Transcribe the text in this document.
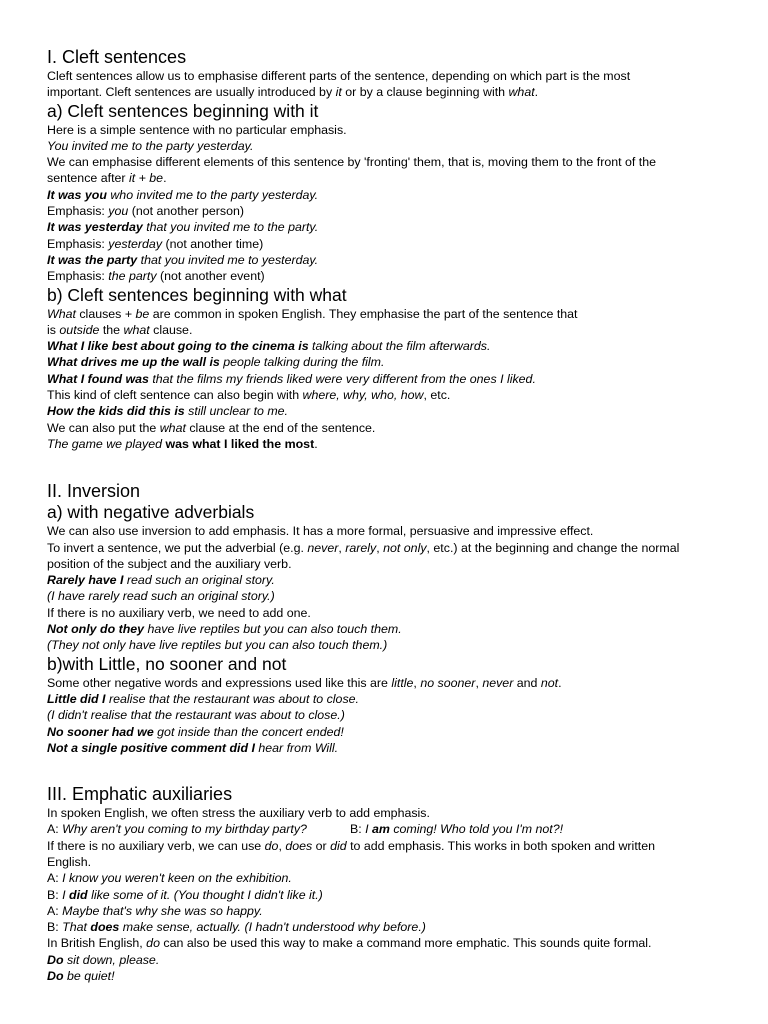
I. Cleft sentences
Cleft sentences allow us to emphasise different parts of the sentence, depending on which part is the most
important. Cleft sentences are usually introduced by it or by a clause beginning with what.
a) Cleft sentences beginning with it
Here is a simple sentence with no particular emphasis.
You invited me to the party yesterday.
We can emphasise different elements of this sentence by 'fronting' them, that is, moving them to the front of the
sentence after it + be.
It was you who invited me to the party yesterday.
Emphasis: you (not another person)
It was yesterday that you invited me to the party.
Emphasis: yesterday (not another time)
It was the party that you invited me to yesterday.
Emphasis: the party (not another event)
b) Cleft sentences beginning with what
What clauses + be are common in spoken English. They emphasise the part of the sentence that
is outside the what clause.
What I like best about going to the cinema is talking about the film afterwards.
What drives me up the wall is people talking during the film.
What I found was that the films my friends liked were very different from the ones I liked.
This kind of cleft sentence can also begin with where, why, who, how, etc.
How the kids did this is still unclear to me.
We can also put the what clause at the end of the sentence.
The game we played was what I liked the most.
II. Inversion
a) with negative adverbials
We can also use inversion to add emphasis. It has a more formal, persuasive and impressive effect.
To invert a sentence, we put the adverbial (e.g. never, rarely, not only, etc.) at the beginning and change the normal
position of the subject and the auxiliary verb.
Rarely have I read such an original story.
(I have rarely read such an original story.)
If there is no auxiliary verb, we need to add one.
Not only do they have live reptiles but you can also touch them.
(They not only have live reptiles but you can also touch them.)
b)with Little, no sooner and not
Some other negative words and expressions used like this are little, no sooner, never and not.
Little did I realise that the restaurant was about to close.
(I didn't realise that the restaurant was about to close.)
No sooner had we got inside than the concert ended!
Not a single positive comment did I hear from Will.
III. Emphatic auxiliaries
In spoken English, we often stress the auxiliary verb to add emphasis.
A: Why aren't you coming to my birthday party?	B: I am coming! Who told you I'm not?!
If there is no auxiliary verb, we can use do, does or did to add emphasis. This works in both spoken and written
English.
A: I know you weren't keen on the exhibition.
B: I did like some of it. (You thought I didn't like it.)
A: Maybe that's why she was so happy.
B: That does make sense, actually. (I hadn't understood why before.)
In British English, do can also be used this way to make a command more emphatic. This sounds quite formal.
Do sit down, please.
Do be quiet!
